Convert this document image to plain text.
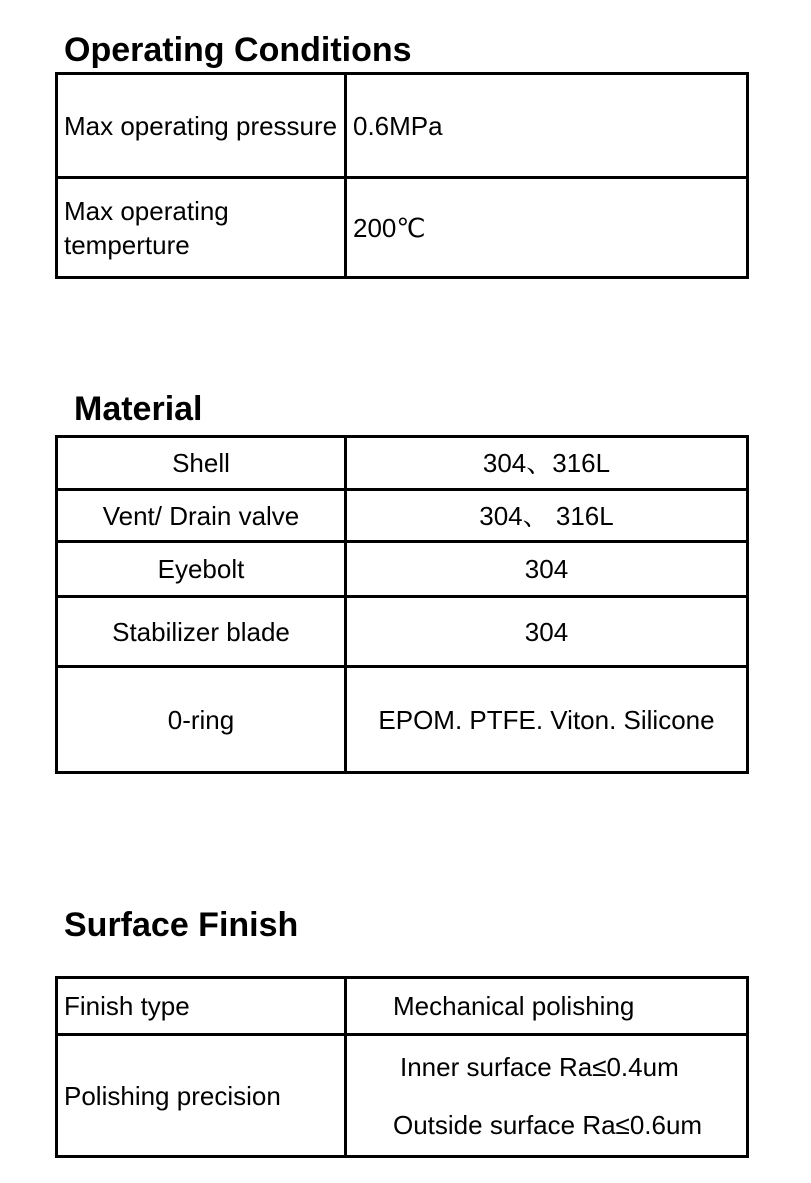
Operating Conditions
Max operating pressure	0.6MPa
Max operating temperture	200℃
Material
Shell	304、316L
Vent/ Drain valve	304、 316L
Eyebolt	304
Stabilizer blade	304
0-ring	EPOM. PTFE. Viton. Silicone
Surface Finish
Finish type	Mechanical polishing
Polishing precision	Inner surface Ra≤0.4um
Outside surface Ra≤0.6um
